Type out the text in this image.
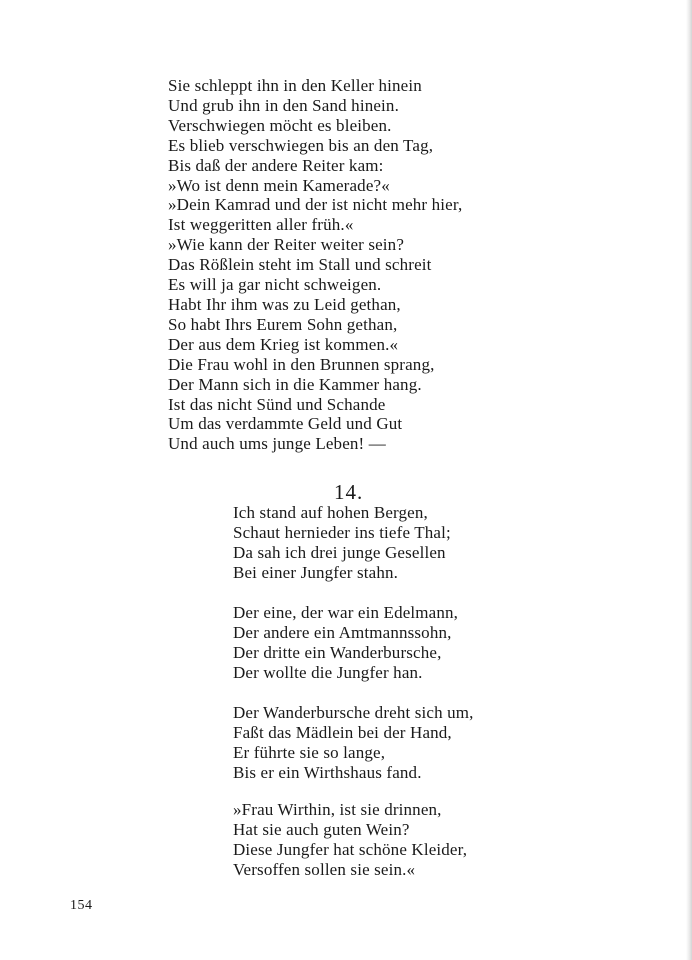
Sie schleppt ihn in den Keller hinein
Und grub ihn in den Sand hinein.
Verschwiegen möcht es bleiben.
Es blieb verschwiegen bis an den Tag,
Bis daß der andere Reiter kam:
»Wo ist denn mein Kamerade?«
»Dein Kamrad und der ist nicht mehr hier,
Ist weggeritten aller früh.«
»Wie kann der Reiter weiter sein?
Das Rößlein steht im Stall und schreit
Es will ja gar nicht schweigen.
Habt Ihr ihm was zu Leid gethan,
So habt Ihrs Eurem Sohn gethan,
Der aus dem Krieg ist kommen.«
Die Frau wohl in den Brunnen sprang,
Der Mann sich in die Kammer hang.
Ist das nicht Sünd und Schande
Um das verdammte Geld und Gut
Und auch ums junge Leben! —
14.
Ich stand auf hohen Bergen,
Schaut hernieder ins tiefe Thal;
Da sah ich drei junge Gesellen
Bei einer Jungfer stahn.
Der eine, der war ein Edelmann,
Der andere ein Amtmannssohn,
Der dritte ein Wanderbursche,
Der wollte die Jungfer han.
Der Wanderbursche dreht sich um,
Faßt das Mädlein bei der Hand,
Er führte sie so lange,
Bis er ein Wirthshaus fand.
»Frau Wirthin, ist sie drinnen,
Hat sie auch guten Wein?
Diese Jungfer hat schöne Kleider,
Versoffen sollen sie sein.«
154
